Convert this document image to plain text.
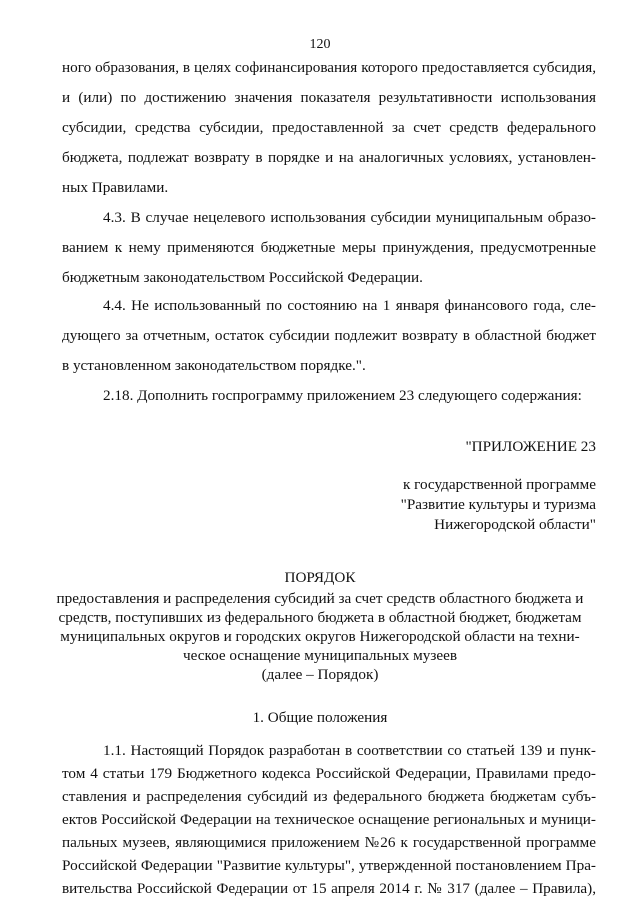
120
ного образования, в целях софинансирования которого предоставляется субсидия,
и (или) по достижению значения показателя результативности использования
субсидии, средства субсидии, предоставленной за счет средств федерального
бюджета, подлежат возврату в порядке и на аналогичных условиях, установлен-
ных Правилами.
4.3. В случае нецелевого использования субсидии муниципальным образо-
ванием к нему применяются бюджетные меры принуждения, предусмотренные
бюджетным законодательством Российской Федерации.
4.4. Не использованный по состоянию на 1 января финансового года, сле-
дующего за отчетным, остаток субсидии подлежит возврату в областной бюджет
в установленном законодательством порядке.".
2.18. Дополнить госпрограмму приложением 23 следующего содержания:
"ПРИЛОЖЕНИЕ 23
к государственной программе
"Развитие культуры и туризма
Нижегородской области"
ПОРЯДОК
предоставления и распределения субсидий за счет средств областного бюджета и
средств, поступивших из федерального бюджета в областной бюджет, бюджетам
муниципальных округов и городских округов Нижегородской области на техни-
ческое оснащение муниципальных музеев
(далее – Порядок)
1. Общие положения
1.1. Настоящий Порядок разработан в соответствии со статьей 139 и пунк-
том 4 статьи 179 Бюджетного кодекса Российской Федерации, Правилами предо-
ставления и распределения субсидий из федерального бюджета бюджетам субъ-
ектов Российской Федерации на техническое оснащение региональных и муници-
пальных музеев, являющимися приложением №26 к государственной программе
Российской Федерации "Развитие культуры", утвержденной постановлением Пра-
вительства Российской Федерации от 15 апреля 2014 г. № 317 (далее – Правила),
